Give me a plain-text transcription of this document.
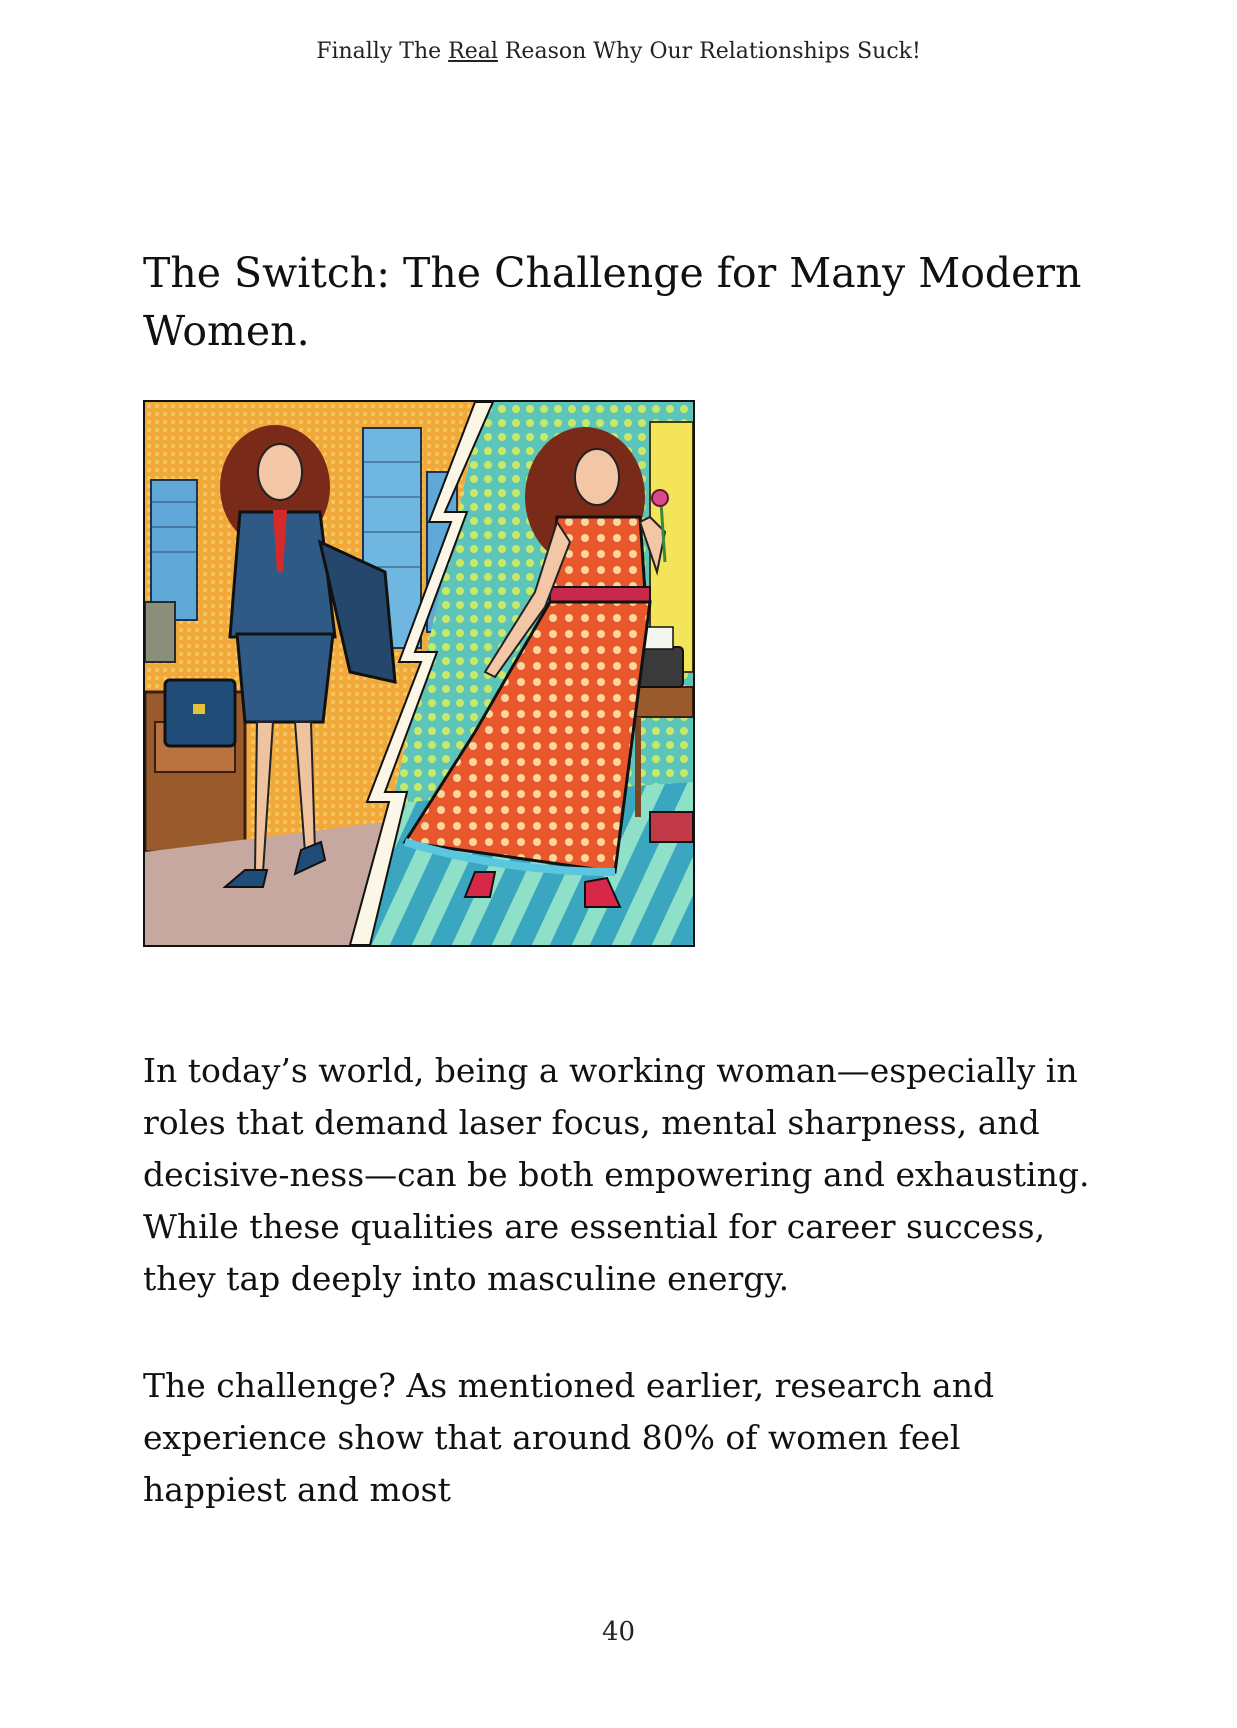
Finally The Real Reason Why Our Relationships Suck!
The Switch: The Challenge for Many Modern Women.

In today’s world, being a working woman—especially in roles that demand laser focus, mental sharpness, and decisive-ness—can be both empowering and exhausting. While these qualities are essential for career success, they tap deeply into masculine energy.

The challenge? As mentioned earlier, research and experience show that around 80% of women feel happiest and most

40
